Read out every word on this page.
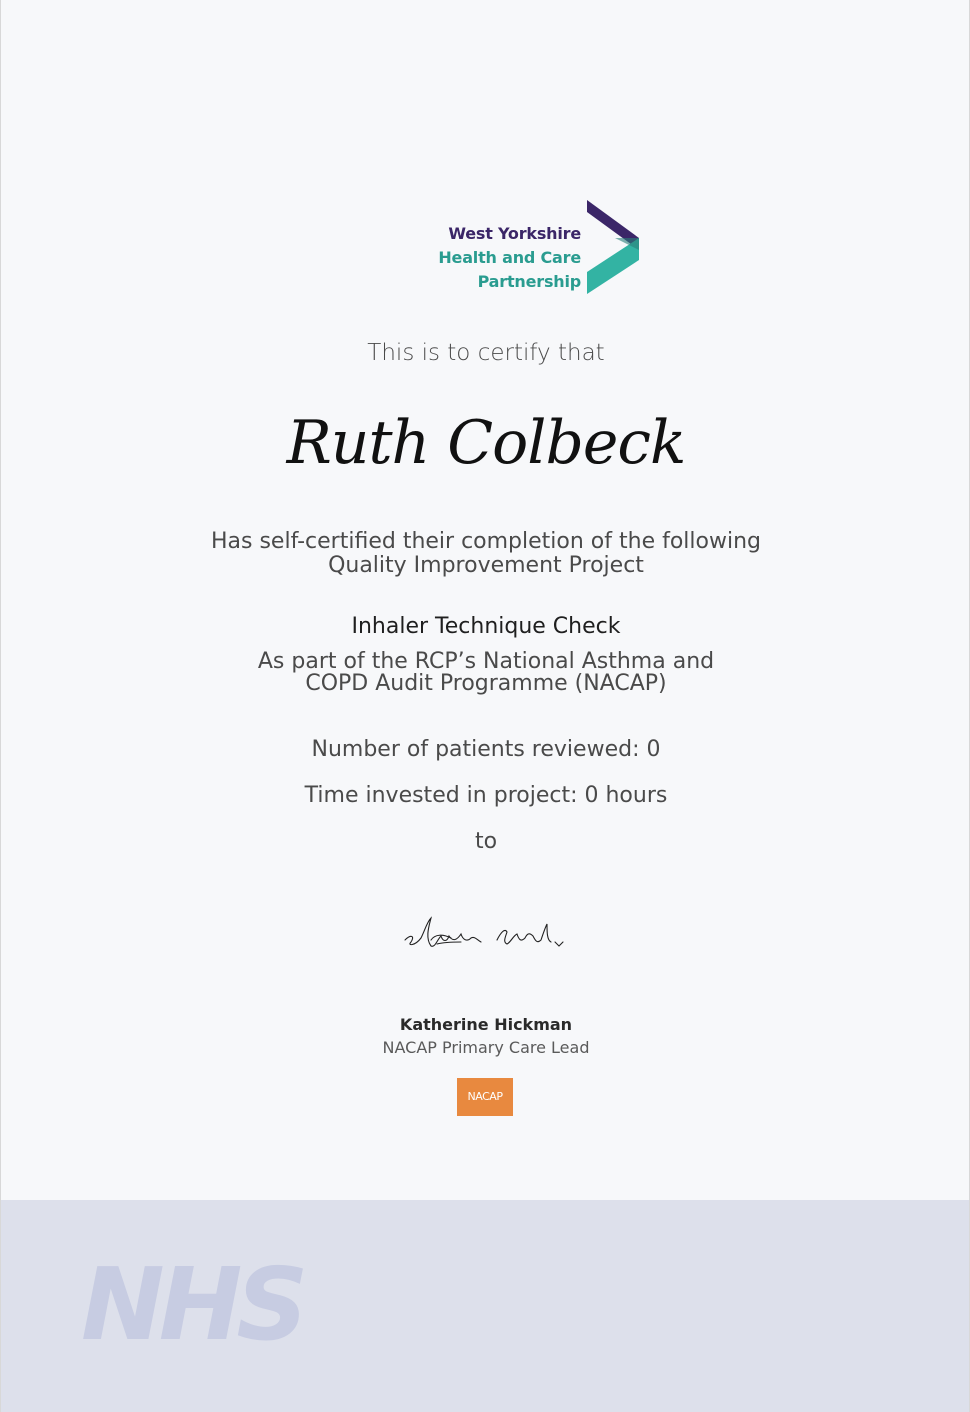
West Yorkshire
Health and Care Partnership
This is to certify that
Ruth Colbeck
Has self-certified their completion of the following
Quality Improvement Project
Inhaler Technique Check
As part of the RCP’s National Asthma and
COPD Audit Programme (NACAP)
Number of patients reviewed: 0
Time invested in project: 0 hours
to
Katherine Hickman
NACAP Primary Care Lead
NACAP
NHS
